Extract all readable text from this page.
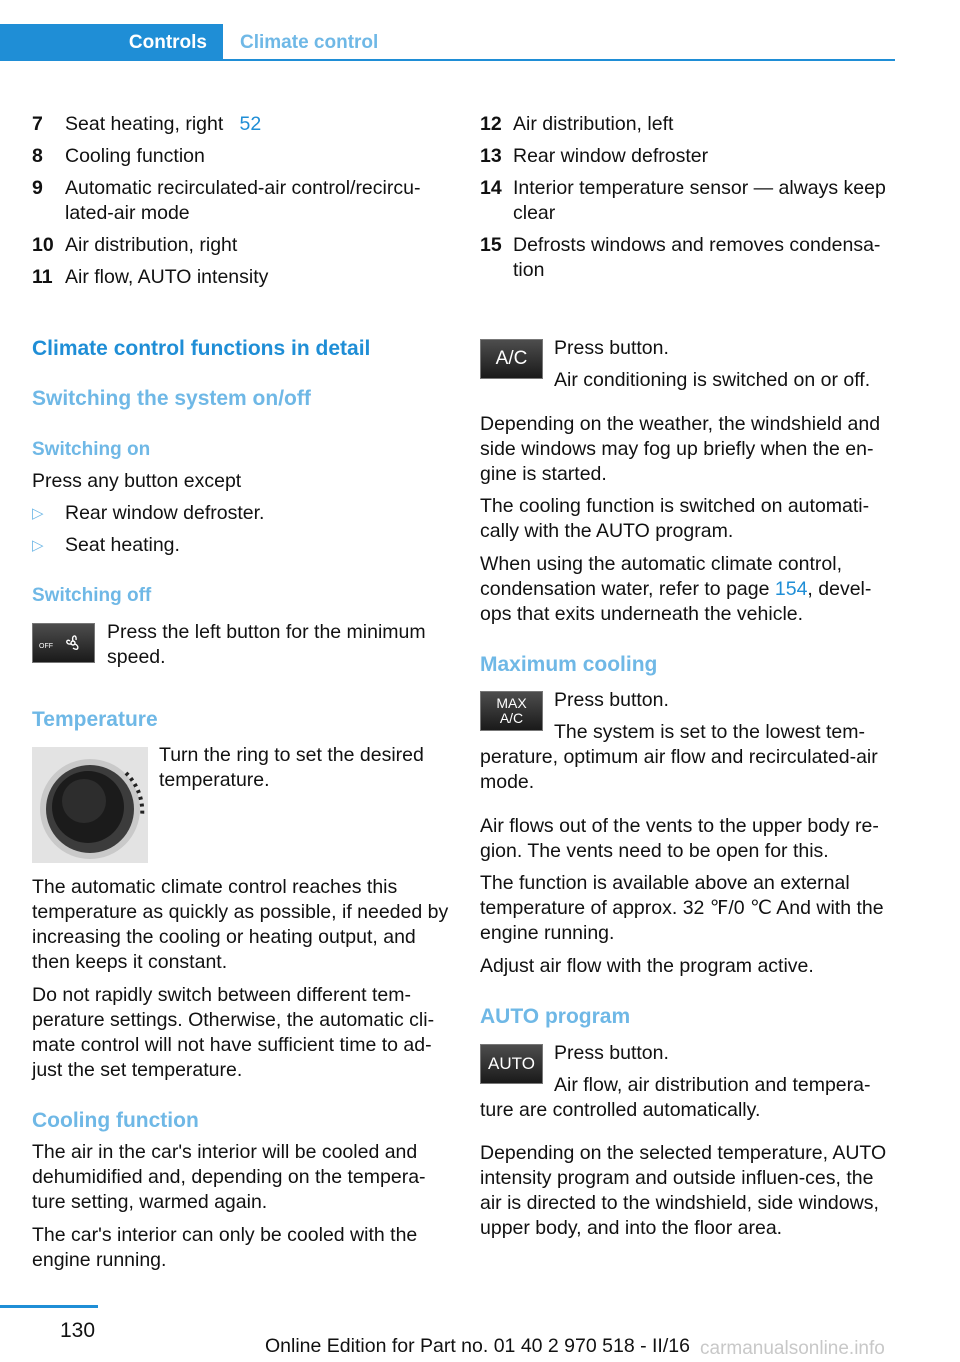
Controls	Climate control
7	Seat heating, right 52
8	Cooling function
9	Automatic recirculated-air control/recircu-lated-air mode
10 Air distribution, right
11 Air flow, AUTO intensity
12 Air distribution, left
13 Rear window defroster
14 Interior temperature sensor — always keep clear
15 Defrosts windows and removes condensa-tion
Climate control functions in detail
Switching the system on/off
Switching on
Press any button except
▷	Rear window defroster.
▷	Seat heating.
Switching off
OFF
Press the left button for the minimum speed.
Temperature
Turn the ring to set the desired temperature.
The automatic climate control reaches this temperature as quickly as possible, if needed by increasing the cooling or heating output, and then keeps it constant.
Do not rapidly switch between different tem-perature settings. Otherwise, the automatic cli-mate control will not have sufficient time to ad-just the set temperature.
Cooling function
The air in the car's interior will be cooled and dehumidified and, depending on the tempera-ture setting, warmed again.
The car's interior can only be cooled with the engine running.
A/C	Press button.
Air conditioning is switched on or off.
Depending on the weather, the windshield and side windows may fog up briefly when the en-gine is started.
The cooling function is switched on automati-cally with the AUTO program.
When using the automatic climate control, condensation water, refer to page 154, devel-ops that exits underneath the vehicle.
Maximum cooling
MAX
A/C
Press button.
The system is set to the lowest tem-perature, optimum air flow and recirculated-air mode.
Air flows out of the vents to the upper body re-gion. The vents need to be open for this.
The function is available above an external temperature of approx. 32 ℉/0 ℃ And with the engine running.
Adjust air flow with the program active.
AUTO program
AUTO Press button.
Air flow, air distribution and tempera-ture are controlled automatically.
Depending on the selected temperature, AUTO intensity program and outside influen-ces, the air is directed to the windshield, side windows, upper body, and into the floor area.
130
Online Edition for Part no. 01 40 2 970 518 - II/16 carmanualsonline.info
